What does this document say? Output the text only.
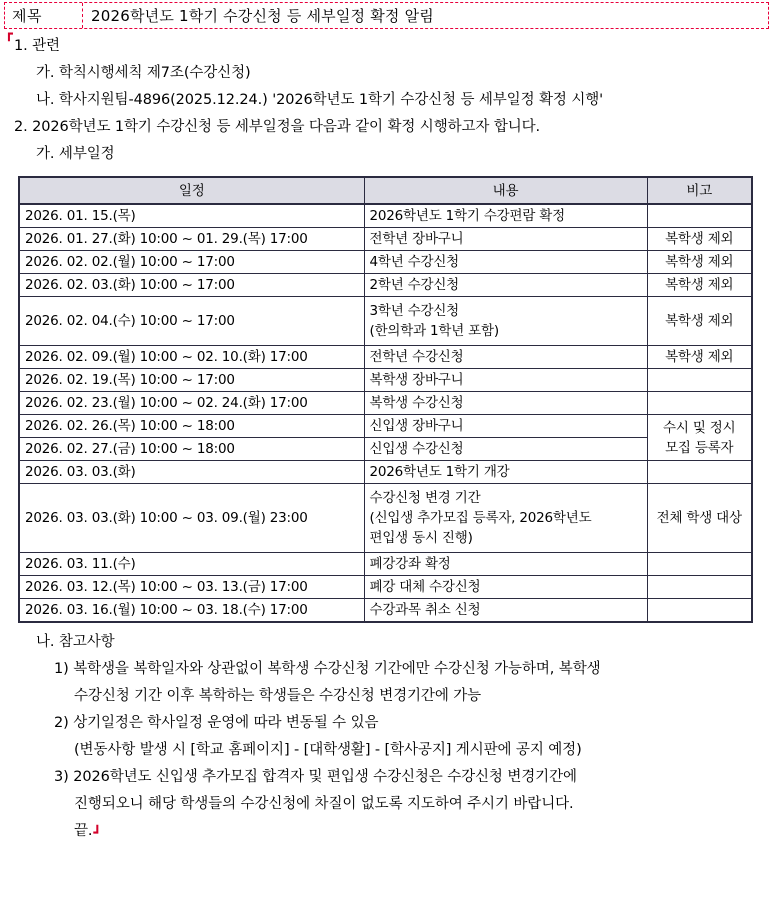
제목	2026학년도 1학기 수강신청 등 세부일정 확정 알림
┏
1. 관련
가. 학칙시행세칙 제7조(수강신청)
나. 학사지원팀-4896(2025.12.24.) '2026학년도 1학기 수강신청 등 세부일정 확정 시행'
2. 2026학년도 1학기 수강신청 등 세부일정을 다음과 같이 확정 시행하고자 합니다.
가. 세부일정
일정	내용	비고
2026. 01. 15.(목)	2026학년도 1학기 수강편람 확정	

2026. 01. 27.(화) 10:00 ~ 01. 29.(목) 17:00	전학년 장바구니	복학생 제외
2026. 02. 02.(월) 10:00 ~ 17:00	4학년 수강신청	복학생 제외
2026. 02. 03.(화) 10:00 ~ 17:00	2학년 수강신청	복학생 제외
2026. 02. 04.(수) 10:00 ~ 17:00	3학년 수강신청
(한의학과 1학년 포함)	복학생 제외
2026. 02. 09.(월) 10:00 ~ 02. 10.(화) 17:00	전학년 수강신청	복학생 제외
2026. 02. 19.(목) 10:00 ~ 17:00	복학생 장바구니	

2026. 02. 23.(월) 10:00 ~ 02. 24.(화) 17:00	복학생 수강신청	

2026. 02. 26.(목) 10:00 ~ 18:00	신입생 장바구니	수시 및 정시
모집 등록자

2026. 02. 27.(금) 10:00 ~ 18:00	신입생 수강신청	

2026. 03. 03.(화)	2026학년도 1학기 개강	

2026. 03. 03.(화) 10:00 ~ 03. 09.(월) 23:00	수강신청 변경 기간
(신입생 추가모집 등록자, 2026학년도
편입생 동시 진행)	전체 학생 대상
2026. 03. 11.(수)	폐강강좌 확정	

2026. 03. 12.(목) 10:00 ~ 03. 13.(금) 17:00	폐강 대체 수강신청	

2026. 03. 16.(월) 10:00 ~ 03. 18.(수) 17:00	수강과목 취소 신청	

나. 참고사항
1) 복학생을 복학일자와 상관없이 복학생 수강신청 기간에만 수강신청 가능하며, 복학생
수강신청 기간 이후 복학하는 학생들은 수강신청 변경기간에 가능
2) 상기일정은 학사일정 운영에 따라 변동될 수 있음
(변동사항 발생 시 [학교 홈페이지] - [대학생활] - [학사공지] 게시판에 공지 예정)
3) 2026학년도 신입생 추가모집 합격자 및 편입생 수강신청은 수강신청 변경기간에
진행되오니 해당 학생들의 수강신청에 차질이 없도록 지도하여 주시기 바랍니다.
끝.┛
